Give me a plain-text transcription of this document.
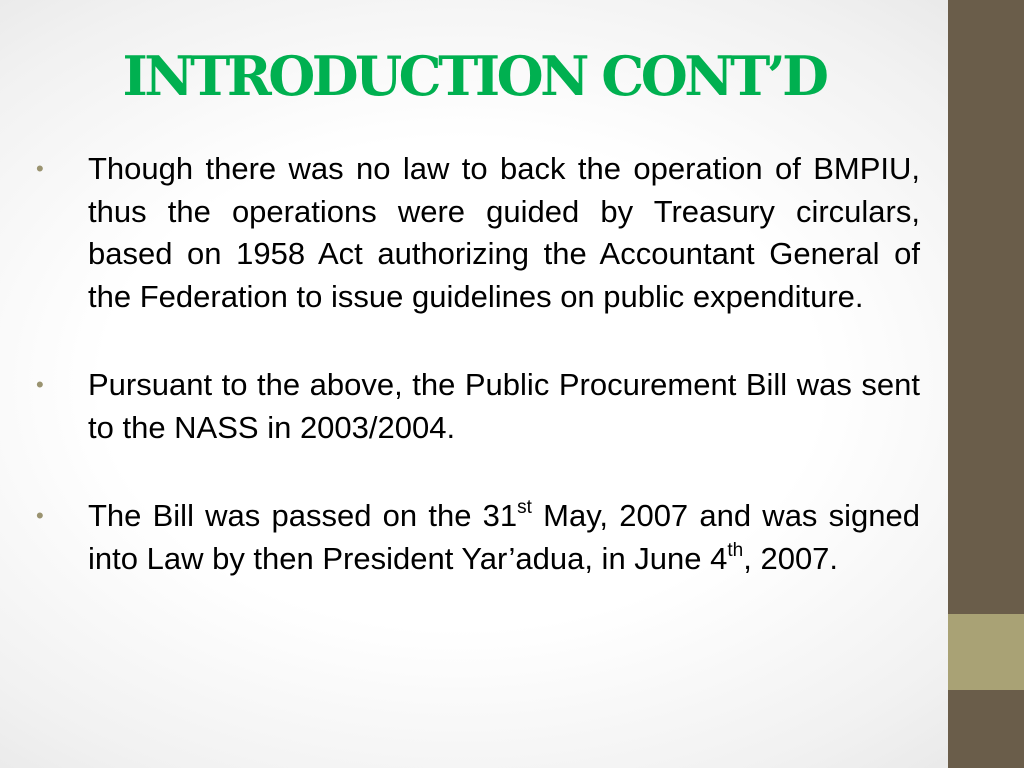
INTRODUCTION CONT’D
• Though there was no law to back the operation of BMPIU, thus the operations were guided by Treasury circulars, based on 1958 Act authorizing the Accountant General of the Federation to issue guidelines on public expenditure.
• Pursuant to the above, the Public Procurement Bill was sent to the NASS in 2003/2004.
• The Bill was passed on the 31st May, 2007 and was signed into Law by then President Yar’adua, in June 4th, 2007.
